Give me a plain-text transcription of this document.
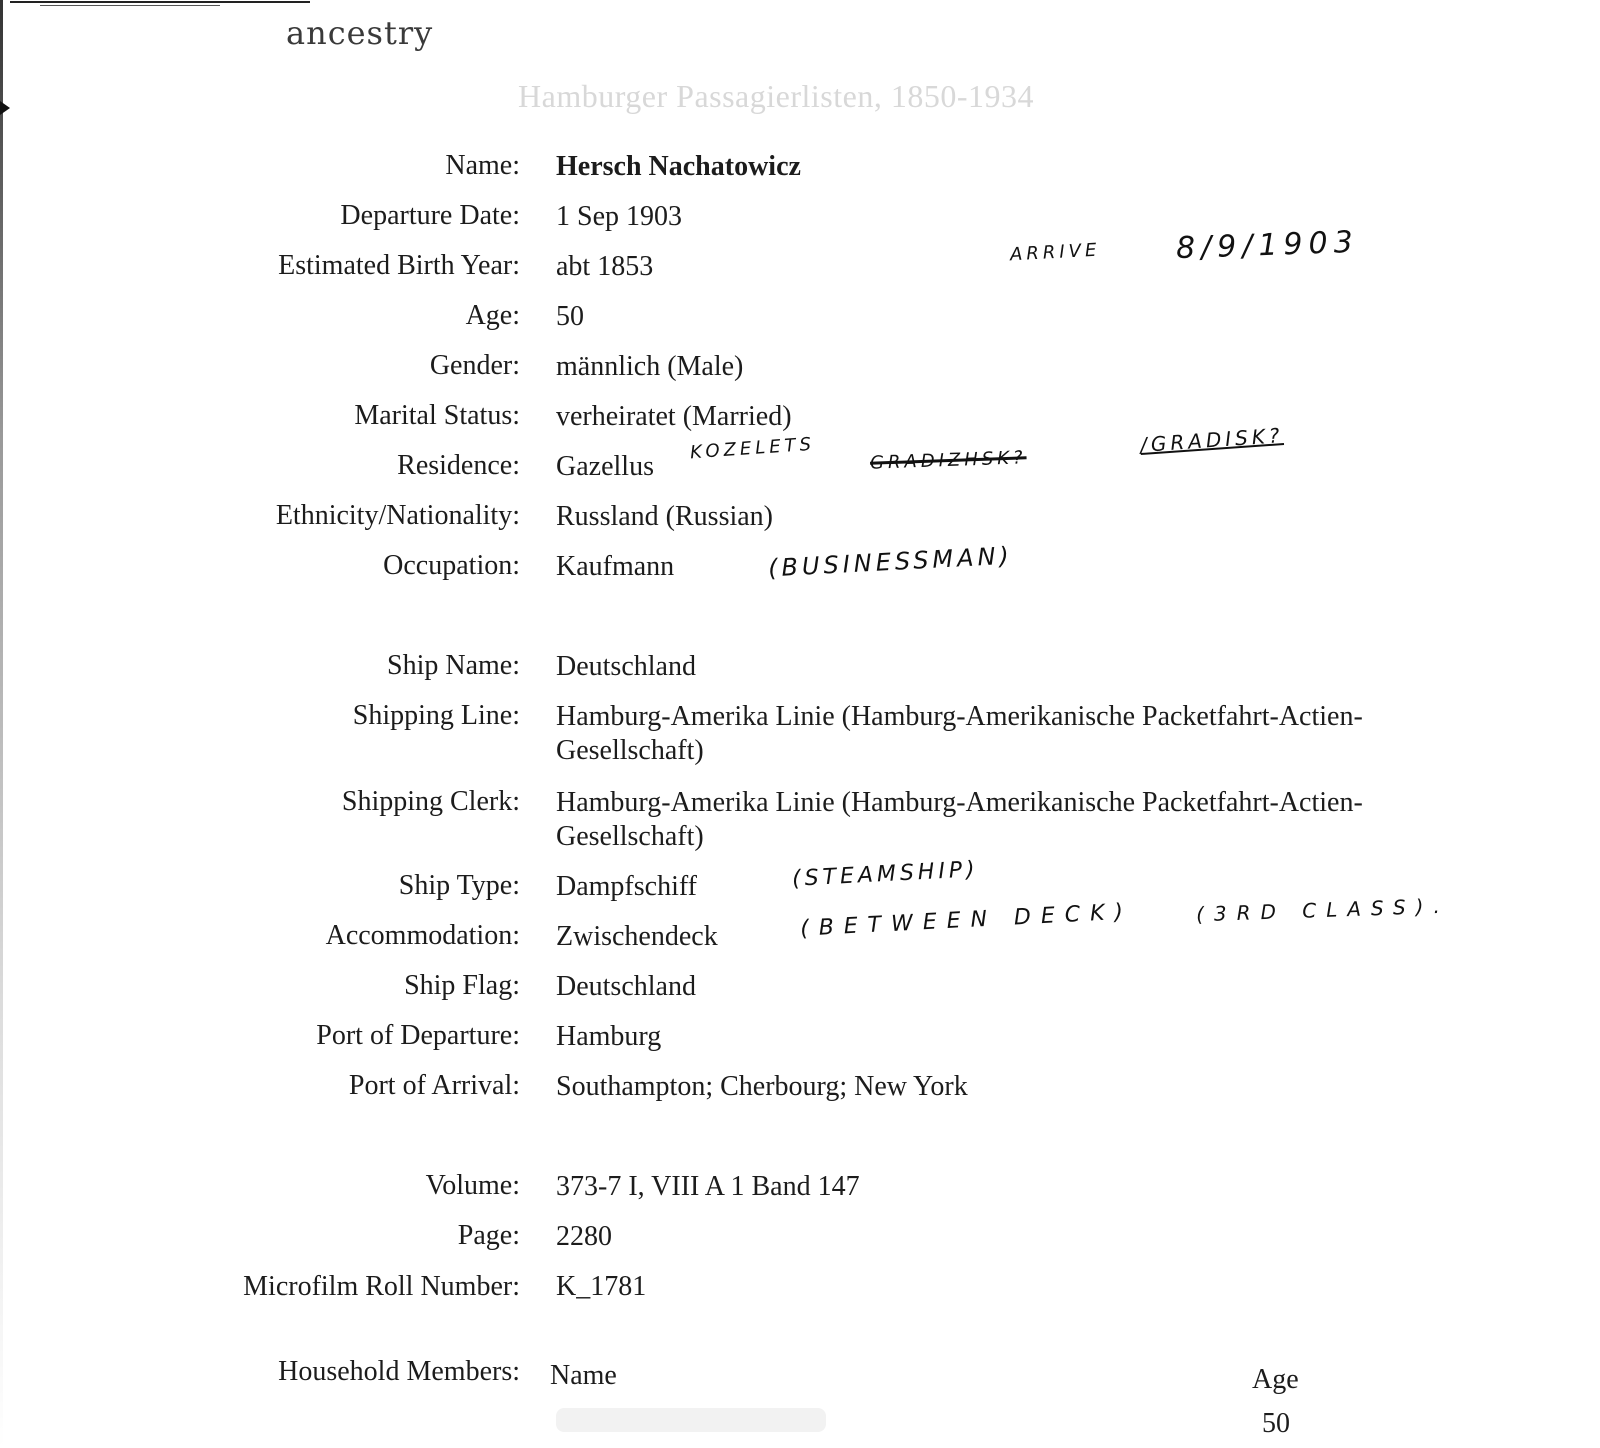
ancestry
Hamburger Passagierlisten, 1850-1934
Name: Hersch Nachatowicz
Departure Date: 1 Sep 1903
Estimated Birth Year: abt 1853
Age: 50
Gender: männlich (Male)
Marital Status: verheiratet (Married)
Residence: Gazellus
Ethnicity/Nationality: Russland (Russian)
Occupation: Kaufmann
Ship Name: Deutschland
Shipping Line: Hamburg-Amerika Linie (Hamburg-Amerikanische Packetfahrt-Actien-Gesellschaft)
Shipping Clerk: Hamburg-Amerika Linie (Hamburg-Amerikanische Packetfahrt-Actien-Gesellschaft)
Ship Type: Dampfschiff
Accommodation: Zwischendeck
Ship Flag: Deutschland
Port of Departure: Hamburg
Port of Arrival: Southampton; Cherbourg; New York
Volume: 373-7 I, VIII A 1 Band 147
Page: 2280
Microfilm Roll Number: K_1781
Household Members: Name	Age
50
ARRIVE 8/9/1903
KOZELETS	GRADIZHSK?
/GRADISK?
(BUSINESSMAN)
(STEAMSHIP)
(BETWEEN DECK)	(3RD CLASS).
